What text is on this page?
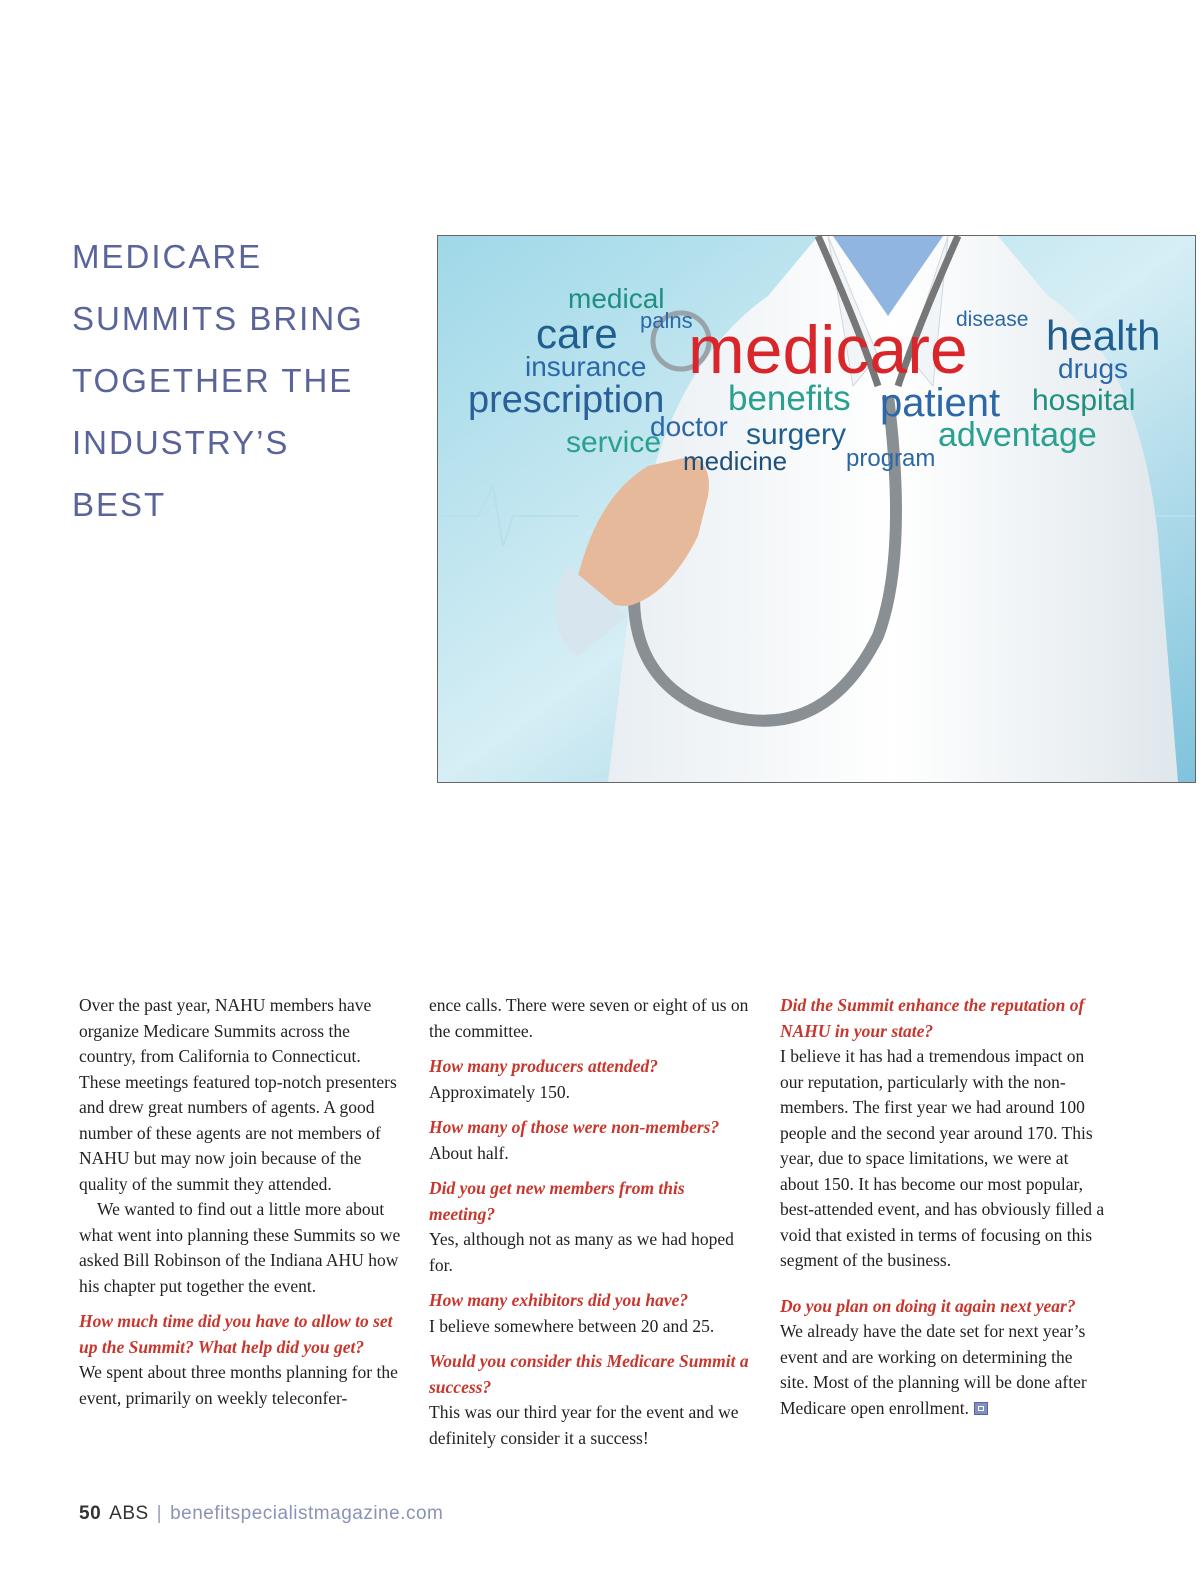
MEDICARE
SUMMITS BRING
TOGETHER THE
INDUSTRY’S
BEST
medical
care palns
medicare
disease health
insurance	drugs
prescription benefits patient hospital
doctor
service	surgery	adventage
medicine program

Over the past year, NAHU members have organize Medicare Summits across the country, from California to Connecticut. These meetings featured top-notch presenters and drew great numbers of agents. A good number of these agents are not members of NAHU but may now join because of the quality of the summit they attended.

We wanted to find out a little more about what went into planning these Summits so we asked Bill Robinson of the Indiana AHU how his chapter put together the event.

How much time did you have to allow to set up the Summit? What help did you get?

We spent about three months planning for the event, primarily on weekly teleconfer-

ence calls. There were seven or eight of us on the committee.

How many producers attended?

Approximately 150.

How many of those were non-members?

About half.

Did you get new members from this meeting?

Yes, although not as many as we had hoped for.

How many exhibitors did you have?

I believe somewhere between 20 and 25.

Would you consider this Medicare Summit a success?

This was our third year for the event and we definitely consider it a success!

Did the Summit enhance the reputation of NAHU in your state?

I believe it has had a tremendous impact on our reputation, particularly with the non-members. The first year we had around 100 people and the second year around 170. This year, due to space limitations, we were at about 150. It has become our most popular, best-attended event, and has obviously filled a void that existed in terms of focusing on this segment of the business.

Do you plan on doing it again next year?

We already have the date set for next year’s event and are working on determining the site. Most of the planning will be done after Medicare open enrollment.

50 ABS | benefitspecialistmagazine.com
